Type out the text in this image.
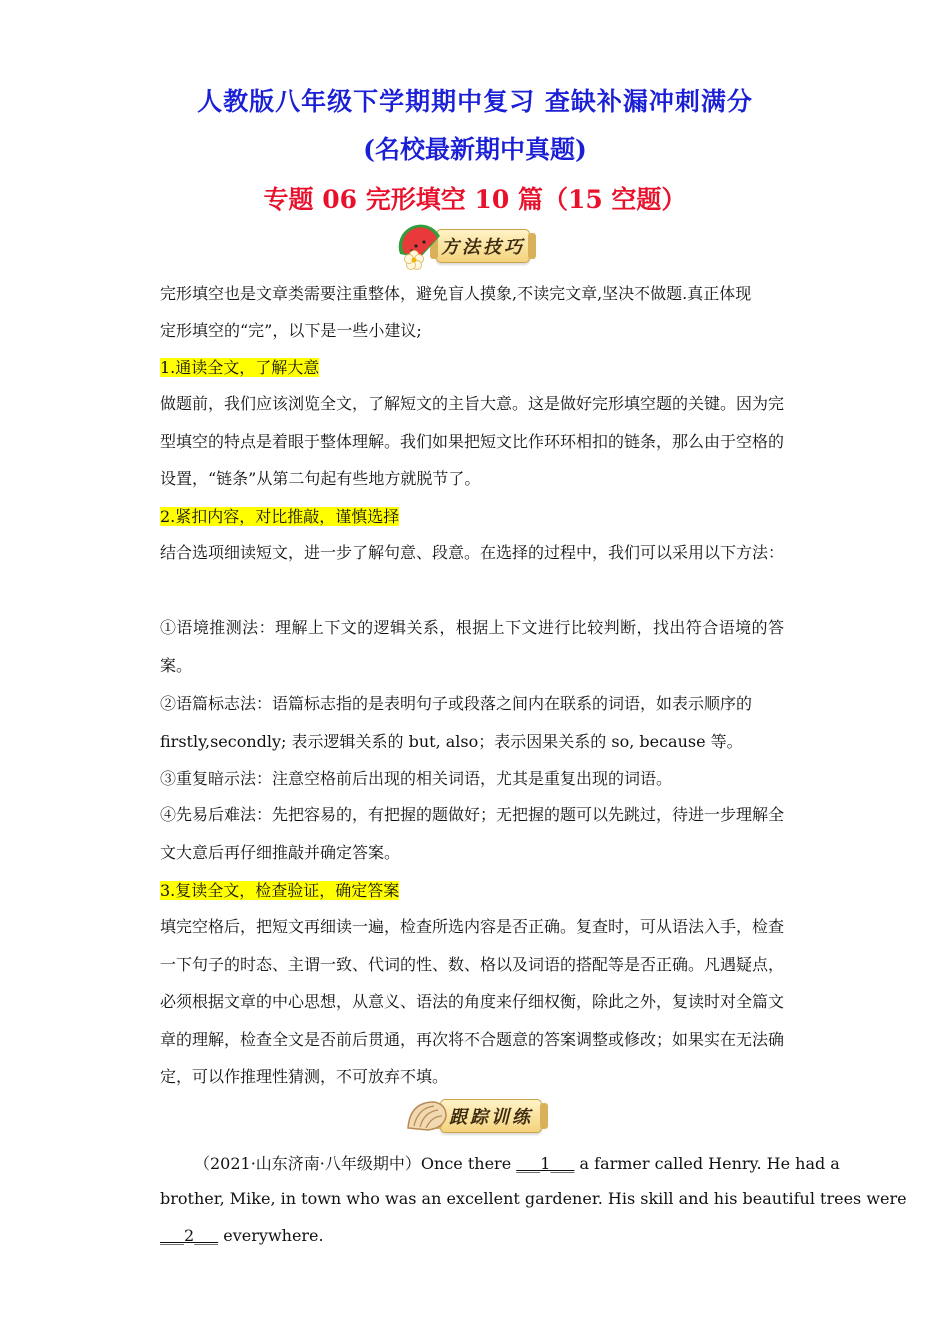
人教版八年级下学期期中复习 查缺补漏冲刺满分
(名校最新期中真题)
专题 06 完形填空 10 篇（15 空题）
方法技巧
完形填空也是文章类需要注重整体，避免盲人摸象,不读完文章,坚决不做题.真正体现
定形填空的“完”，以下是一些小建议;
1.通读全文，了解大意
做题前，我们应该浏览全文，了解短文的主旨大意。这是做好完形填空题的关键。因为完型填空的特点是着眼于整体理解。我们如果把短文比作环环相扣的链条，那么由于空格的设置，“链条”从第二句起有些地方就脱节了。
2.紧扣内容，对比推敲，谨慎选择
结合选项细读短文，进一步了解句意、段意。在选择的过程中，我们可以采用以下方法：
①语境推测法：理解上下文的逻辑关系，根据上下文进行比较判断，找出符合语境的答案。
②语篇标志法：语篇标志指的是表明句子或段落之间内在联系的词语，如表示顺序的
firstly,secondly; 表示逻辑关系的 but, also；表示因果关系的 so, because 等。
③重复暗示法：注意空格前后出现的相关词语，尤其是重复出现的词语。
④先易后难法：先把容易的，有把握的题做好；无把握的题可以先跳过，待进一步理解全文大意后再仔细推敲并确定答案。
3.复读全文，检查验证，确定答案
填完空格后，把短文再细读一遍，检查所选内容是否正确。复查时，可从语法入手，检查一下句子的时态、主谓一致、代词的性、数、格以及词语的搭配等是否正确。凡遇疑点，必须根据文章的中心思想，从意义、语法的角度来仔细权衡，除此之外，复读时对全篇文章的理解，检查全文是否前后贯通，再次将不合题意的答案调整或修改；如果实在无法确定，可以作推理性猜测，不可放弃不填。
跟踪训练
（2021·山东济南·八年级期中）Once there ___1___ a farmer called Henry. He had a
brother, Mike, in town who was an excellent gardener. His skill and his beautiful trees were
___2___ everywhere.
